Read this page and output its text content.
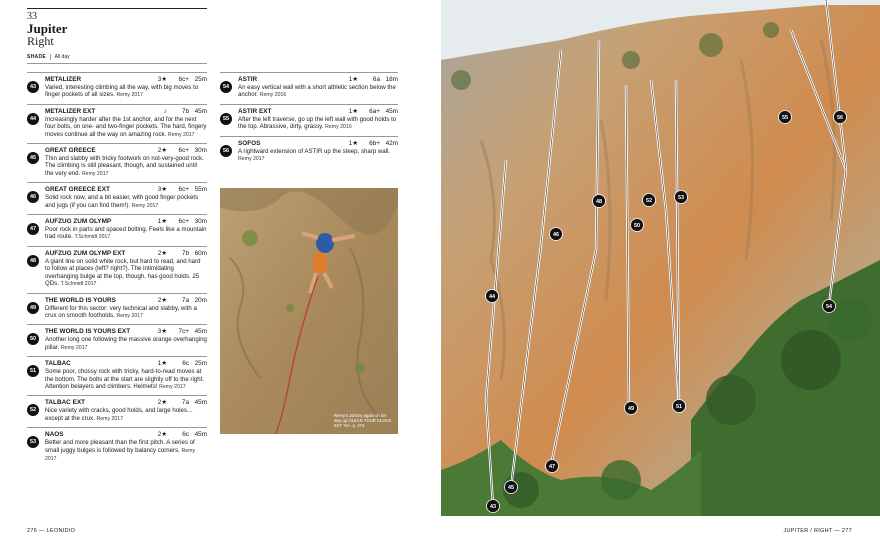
33
Jupiter
Right
SHADE All day
43
METALIZER	3★	6c+ 25m
Varied, interesting climbing all the way, with big moves to finger pockets of all sizes. Remy 2017
44
METALIZER EXT	♪	7b 45m
Increasingly harder after the 1st anchor, and for the next four bolts, on one- and two-finger pockets. The hard, fingery moves continue all the way on amazing rock. Remy 2017
45
GREAT GREECE	2★	6c+ 30m
Thin and slabby with tricky footwork on not-very-good rock. The climbing is still pleasant, though, and sustained until the very end. Remy 2017
46
GREAT GREECE EXT	3★	6c+ 55m
Solid rock now, and a bit easier, with good finger pockets and jugs (if you can find them!). Remy 2017
47
AUFZUG ZUM OLYMP	1★	6c+ 30m
Poor rock in parts and spaced bolting. Feels like a mountain trad route. T.Schmidt 2017
48
AUFZUG ZUM OLYMP EXT	2★	7b 60m
A giant line on solid white rock, but hard to read, and hard to follow at places (left? right?). The intimidating overhanging bulge at the top, though, has good holds. 25 QDs. T.Schmidt 2017
49
THE WORLD IS YOURS	2★	7a 20m
Different for this sector: very technical and slabby, with a crux on smooth footholds. Remy 2017
50
THE WORLD IS YOURS EXT	3★	7c+ 45m
Another long one following the massive orange overhanging pillar. Remy 2017
51
TALBAC	1★	6c 25m
Some poor, chossy rock with tricky, hard-to-read moves at the bottom. The bolts at the start are slightly off to the right. Attention belayers and climbers: Helmets! Remy 2017
52
TALBAC EXT	2★	7a 45m
Nice variety with cracks, good holds, and large holes…except at the crux. Remy 2017
53
NAOS	2★	6c 45m
Better and more pleasant than the first pitch. A series of small juggy bulges is followed by balancy corners. Remy 2017
54
ASTIR	1★	6a 18m
An easy vertical wall with a short athletic section below the anchor. Remy 2016
55
ASTIR EXT	1★	6a+ 45m
After the left traverse, go up the left wall with good holds to the top. Abrassive, dirty, grassy. Remy 2016
56
SOFOS	1★	6b+ 42m
A rightward extension of ASTIR up the steep, sharp wall. Remy 2017
Remy's Johnny again on his way up OLEAN YOUR CLOCK EXT 7a+, p. 274.
276 — LEONIDIO
43
44
45
46
47
48
49
50
51
52	53
54
55	56
JUPITER / RIGHT — 277
